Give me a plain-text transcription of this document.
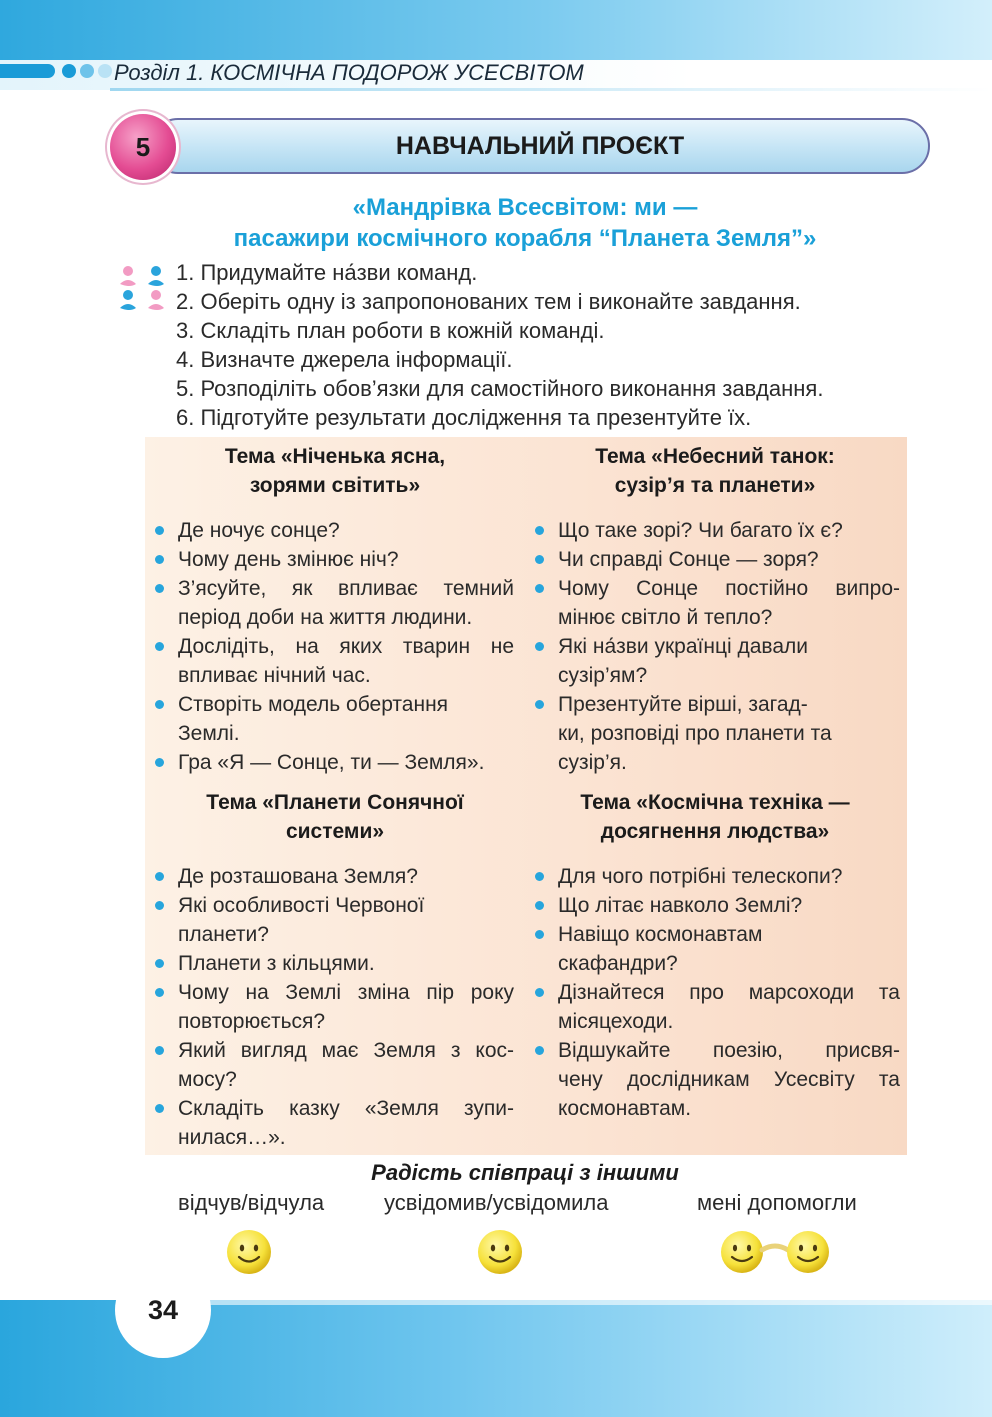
Розділ 1. КОСМІЧНА ПОДОРОЖ УСЕСВІТОМ
НАВЧАЛЬНИЙ ПРОЄКТ
5
«Мандрівка Всесвітом: ми —
пасажири космічного корабля “Планета Земля”»
1. Придумайте на́зви команд.
2. Оберіть одну із запропонованих тем і виконайте завдання.
3. Складіть план роботи в кожній команді.
4. Визначте джерела інформації.
5. Розподіліть обов’язки для самостійного виконання завдання.
6. Підготуйте результати дослідження та презентуйте їх.
Тема «Ніченька ясна,
зорями світить»
Де ночує сонце?
Чому день змінює ніч?
З’ясуйте, як впливає темний
період доби на життя людини.
Дослідіть, на яких тварин не
впливає нічний час.
Створіть модель обертання
Землі.
Гра «Я — Сонце, ти — Земля».
Тема «Небесний танок:
сузір’я та планети»
Що таке зорі? Чи багато їх є?
Чи справді Сонце — зоря?
Чому Сонце постійно випро-
мінює світло й тепло?
Які на́зви українці давали
сузір’ям?
Презентуйте вірші, загад-
ки, розповіді про планети та
сузір’я.
Тема «Планети Сонячної
системи»
Де розташована Земля?
Які особливості Червоної
планети?
Планети з кільцями.
Чому на Землі зміна пір року
повторюється?
Який вигляд має Земля з кос-
мосу?
Складіть казку «Земля зупи-
нилася…».
Тема «Космічна техніка —
досягнення людства»
Для чого потрібні телескопи?
Що літає навколо Землі?
Навіщо космонавтам
скафандри?
Дізнайтеся про марсоходи та
місяцеходи.
Відшукайте поезію, присвя-
чену дослідникам Усесвіту та
космонавтам.
Радість співпраці з іншими
відчув/відчула	усвідомив/усвідомила	мені допомогли
34
